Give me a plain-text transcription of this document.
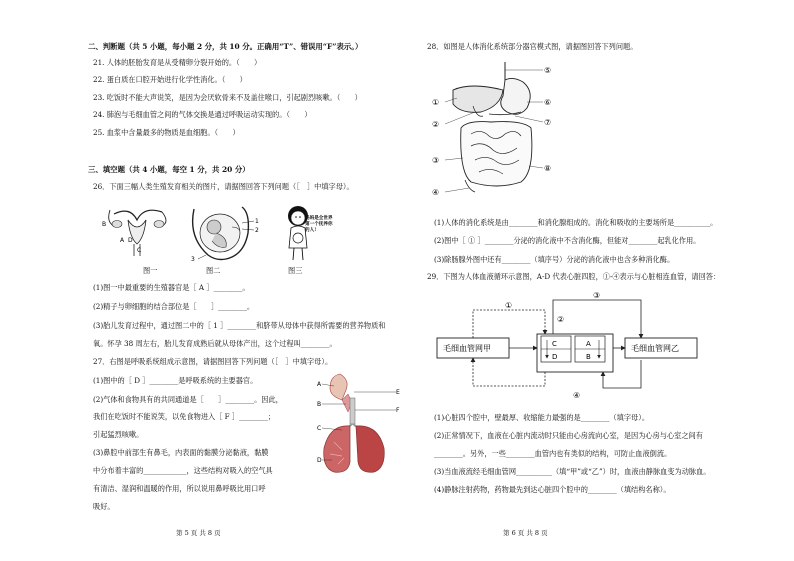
二、判断题（共 5 小题，每小题 2 分，共 10 分。正确用“T”、错误用“F”表示。）
21. 人体的胚胎发育是从受精卵分裂开始的。（　　）
22. 蛋白质在口腔开始进行化学性消化。（　　）
23. 吃饭时不能大声说笑，是因为会厌软骨来不及盖住喉口，引起剧烈咳嗽。（　　）
24. 肺泡与毛细血管之间的气体交换是通过呼吸运动实现的。（　　）
25. 血浆中含量最多的物质是血细胞。（　　）
三、填空题（共 4 小题，每空 1 分，共 20 分）
26．下面三幅人类生殖发育相关的图片，请据图回答下列问题（［　］中填字母）。
B
A D
C
图一
1
2
3
图二
妈妈是全世界第一个抚养你的人!
图三
(1)图一中最重要的生殖器官是［ A ］________。
(2)精子与卵细胞的结合部位是［　　］________。
(3)胎儿发育过程中，通过图二中的［ 1 ］________和脐带从母体中获得所需要的营养物质和
氧。怀孕 38 周左右，胎儿发育成熟后就从母体产出，这个过程叫________。
27．右图是呼吸系统组成示意图，请据图回答下列问题（［　］中填字母）。
(1)图中的［ D ］________是呼吸系统的主要器官。
(2)气体和食物具有的共同通道是［　　］________。因此，
我们在吃饭时不能说笑，以免食物进入［ F ］________；
引起猛烈咳嗽。
(3)鼻腔中前部生有鼻毛，内表面的黏膜分泌黏液，黏膜
中分布着丰富的____________，这些结构对吸入的空气具
有清洁、湿润和温暖的作用，所以说用鼻呼吸比用口呼
吸好。
A
B
C
D
E
F
第 5 页 共 8 页
28．如图是人体消化系统部分器官模式图，请据图回答下列问题。
①
②
③
④
⑤
⑥
⑦
⑧
(1)人体的消化系统是由________和消化腺组成的。消化和吸收的主要场所是__________。
(2)图中［ ① ］________分泌的消化液中不含消化酶，但能对________起乳化作用。
(3)除肠腺外图中还有________（填序号）分泌的消化液中也含多种消化酶。
29．下图为人体血液循环示意图，A-D 代表心脏四腔，①-④表示与心脏相连血管，请回答：
毛细血管网甲	毛细血管网乙
C
D
A
B
①
②
③
④
(1)心脏四个腔中，壁最厚、收缩能力最强的是________（填字母）。
(2)正常情况下，血液在心脏内流动时只能由心房流向心室，是因为心房与心室之间有
________。另外，一些________血管内也有类似的结构，可防止血液倒流。
(3)当血液流经毛细血管网__________（填“甲”或“乙”）时，血液由静脉血变为动脉血。
(4)静脉注射药物，药物最先到达心脏四个腔中的________（填结构名称）。
第 6 页 共 8 页
